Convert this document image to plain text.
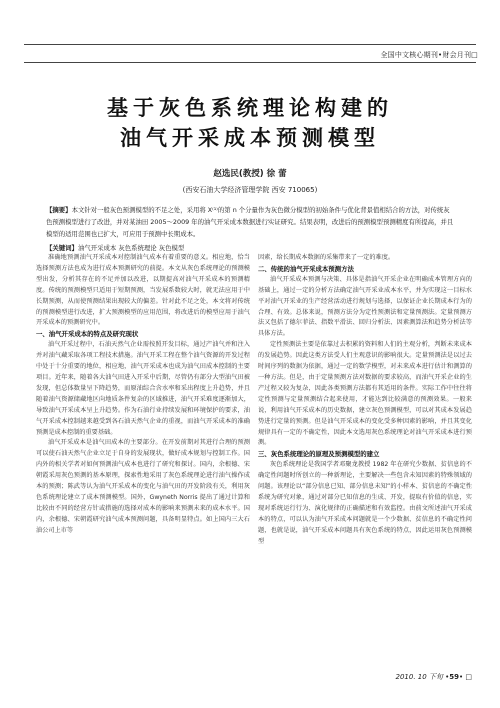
全国中文核心期刊•财会月刊□
基于灰色系统理论构建的
油气开采成本预测模型
赵选民(教授) 徐 蕾
(西安石油大学经济管理学院 西安 710065)
【摘要】本文针对一般灰色预测模型的不足之处，采用将 X⁽¹⁾的第 n 个分量作为灰色微分模型的初始条件与优化背景值相结合的方法，对传统灰色预测模型进行了改进，并对某油田 2005～2009 年的油气开采成本数据进行实证研究。结果表明，改进后的预测模型预测精度有所提高，并且模型的适用范围也已扩大，可应用于预测中长期成本。
【关键词】油气开采成本 灰色系统理论 灰色模型

准确地预测油气开采成本对控制油气成本有着重要的意义。相应地，恰当选择预测方法也成为进行成本预测研究的前提。本文从灰色系统理论的预测模型出发，分析其存在的不足并加以改进，以期提高对油气开采成本的预测精度。传统的预测模型只适用于短期预测，当发展系数较大时，就无法应用于中长期预测，从而使预测结果出现较大的偏差。针对此不足之处，本文将对传统的预测模型进行改进，扩大预测模型的应用范围，将改进后的模型应用于油气开采成本的预测研究中。

一、油气开采成本的特点及研究现状

油气开采过程中，石油天然气企业需按照开发目标，通过产油气并和注入并对油气藏采取各项工程技术措施。油气开采工程在整个油气资源的开发过程中处于十分重要的地位，相应地，油气开采成本也成为油气田成本控制的主要项目。近年来，随着各大油气田进入开采中后期，尽管仍有部分大型油气田被发现，但总体数量呈下降趋势，而原油综合含水率和采出程度上升趋势，并且随着油气资源储藏地区向地质条件复杂的区域推进，油气开采难度逐渐加大，导致油气开采成本呈上升趋势。作为石油行业持续发展和环境保护的要求，油气开采成本控制越来越受到各石油天然气企业的重视，而油气开采成本的准确预测是成本控制的重要基础。

油气开采成本是油气田成本的主要部分。在开发前期对其进行合理的预测可以使石油天然气企业立足于自身的发展现状，做好成本规划与控制工作。国内外的相关学者对如何预测油气成本也进行了研究和探讨。国内，余根德、宋朝霞采用灰色预测的基本原理，探索性地采用了灰色系统理论进行油气操作成本的预测；陈武等认为油气开采成本的变化与油气田的开发阶段有关，利用灰色系统理论建立了成本预测模型。国外，Gwyneth Norris 提出了通过计算和比较由不同的经营方针或措施的选择对成本的影响来预测未来的成本水平。国内，余根德、宋朝霞研究油气成本预测问题，具备明显特点。如上国内三大石油公司上市等

因素，给长期成本数据的采集带来了一定的难度。

二、传统的油气开采成本预测方法

油气开采成本预测与决策、具体是指油气开采企业在明确成本管理方向的基础上，通过一定的分析方法确定油气开采业成本水平，并为实现这一目标水平对油气开采业的生产经营活动进行规划与选择，以保证企业长期成本行为的合理、有效。总体来说，预测方法分为定性预测法和定量预测法。定量预测方法又包括了德尔菲法、指数平滑法、回归分析法、因素测算法和趋势分析法等具体方法。

定性预测法主要是依靠过去积累的资料和人们的主观分析，判断未来成本的发展趋势。因此这类方法受人们主观意识的影响很大。定量预测法是以过去时间序列的数据为依据，通过一定的数学模型，对未来成本进行估计和测算的一种方法。但是，由于定量预测方法对数据的要求较高，而油气开采企业的生产过程又较为复杂，因此各类预测方法都有其适用的条件。实际工作中往往将定性预测与定量预测结合起来使用，才能达到比较满意的预测效果。一般来说，利用油气开采成本的历史数据，建立灰色预测模型，可以对其成本发展趋势进行定量的预测。但是油气开采成本的变化受多种因素的影响，并且其变化规律具有一定的不确定性，因此本文选用灰色系统理论对油气开采成本进行预测。

三、灰色系统理论的原理及预测模型的建立

灰色系统理论是我国学者邓聚龙教授 1982 年在研究少数据、贫信息的不确定性问题时所创立的一种新理论，主要解决一些包含未知因素的特殊领域的问题。该理论以“部分信息已知、部分信息未知”的小样本、贫信息的不确定性系统为研究对象，通过对部分已知信息的生成、开发，提取有价值的信息，实现对系统运行行为、演化规律的正确描述和有效监控。由前文所述油气开采成本的特点，可以认为油气开采成本问题就是一个少数据、贫信息的不确定性问题，也就是说，油气开采成本问题具有灰色系统的特点，因此运用灰色预测模型

2010. 10 下旬 •59• □
